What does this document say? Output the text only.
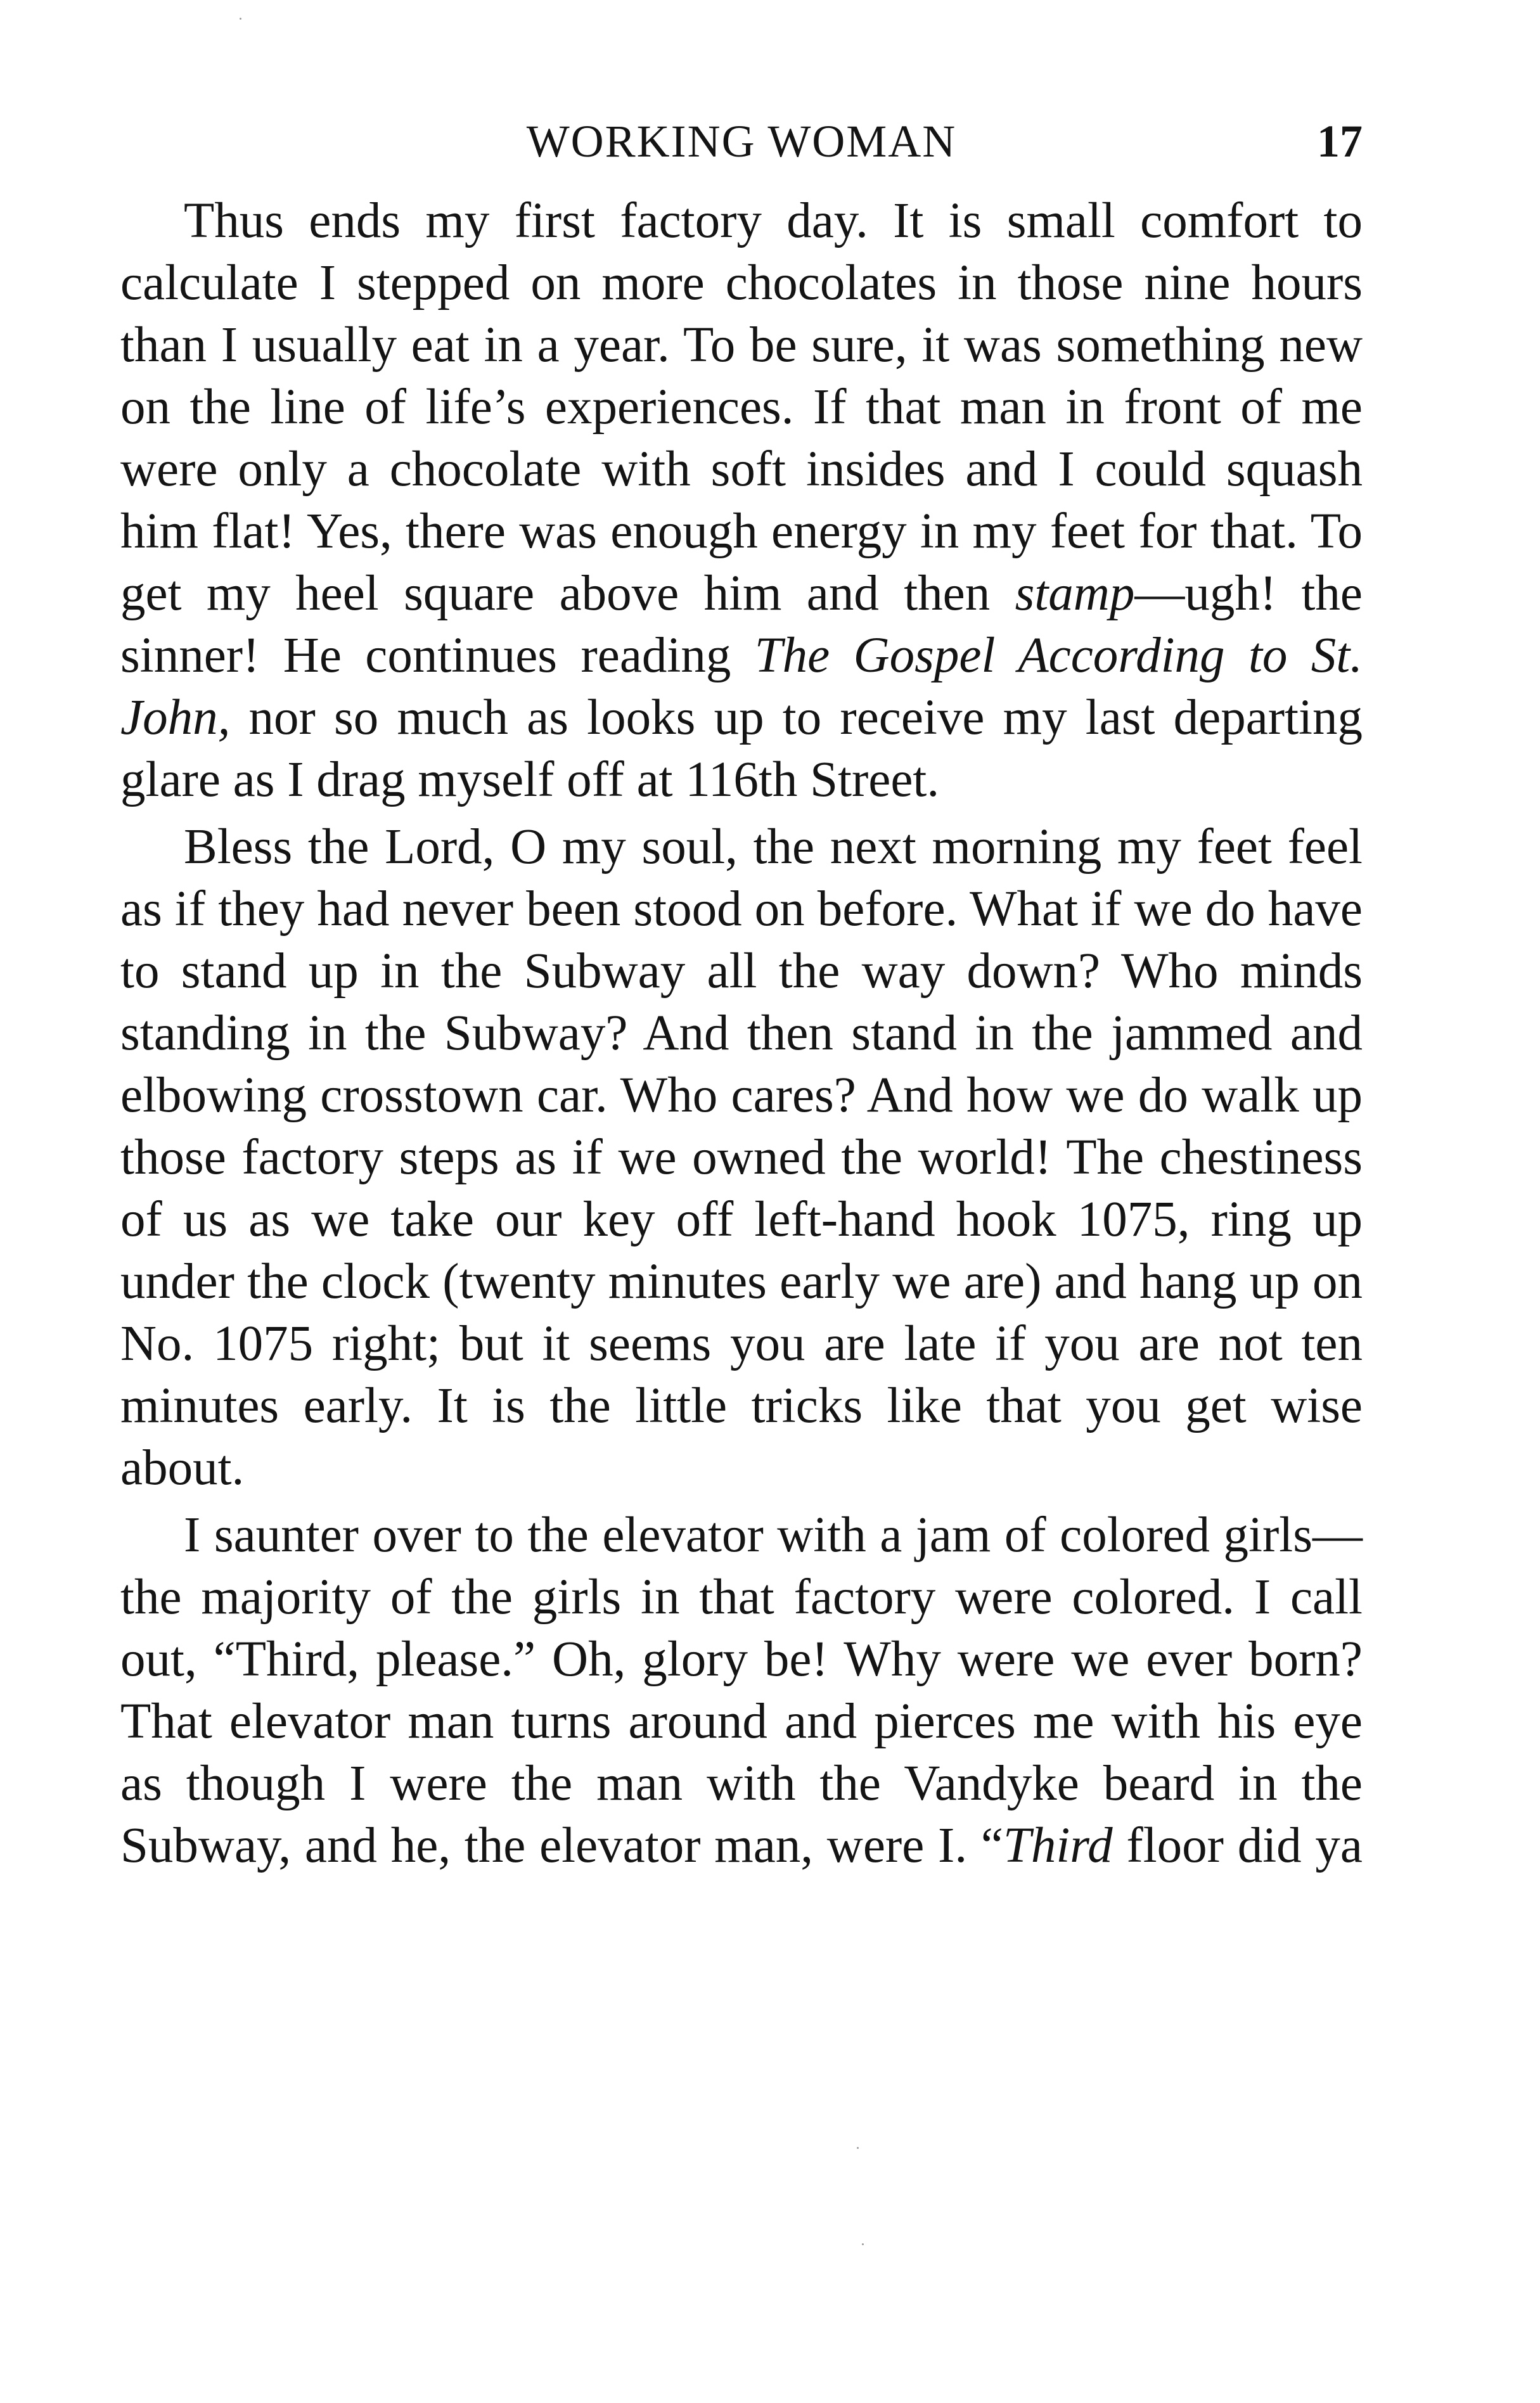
WORKING WOMAN	17

Thus ends my first factory day. It is small comfort to calculate I stepped on more chocolates in those nine hours than I usually eat in a year. To be sure, it was something new on the line of life’s experiences. If that man in front of me were only a chocolate with soft insides and I could squash him flat! Yes, there was enough energy in my feet for that. To get my heel square above him and then stamp—ugh! the sinner! He continues reading The Gospel According to St. John, nor so much as looks up to receive my last departing glare as I drag myself off at 116th Street.

Bless the Lord, O my soul, the next morning my feet feel as if they had never been stood on before. What if we do have to stand up in the Subway all the way down? Who minds standing in the Subway? And then stand in the jammed and elbowing crosstown car. Who cares? And how we do walk up those factory steps as if we owned the world! The chestiness of us as we take our key off left-hand hook 1075, ring up under the clock (twenty minutes early we are) and hang up on No. 1075 right; but it seems you are late if you are not ten minutes early. It is the little tricks like that you get wise about.

I saunter over to the elevator with a jam of colored girls—the majority of the girls in that factory were colored. I call out, “Third, please.” Oh, glory be! Why were we ever born? That elevator man turns around and pierces me with his eye as though I were the man with the Vandyke beard in the Subway, and he, the elevator man, were I. “Third floor did ya
